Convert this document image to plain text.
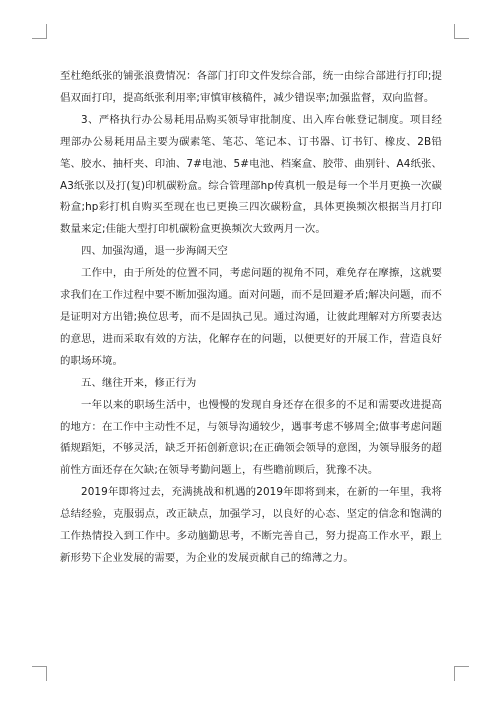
至杜绝纸张的铺张浪费情况：各部门打印文件发综合部，统一由综合部进行打印;提倡双面打印，提高纸张利用率;审慎审核稿件，减少错误率;加强监督，双向监督。

3、严格执行办公易耗用品购买领导审批制度、出入库台帐登记制度。项目经理部办公易耗用品主要为碳素笔、笔芯、笔记本、订书器、订书钉、橡皮、2B铅笔、胶水、抽杆夹、印油、7#电池、5#电池、档案盒、胶带、曲别针、A4纸张、A3纸张以及打(复)印机碳粉盒。综合管理部hp传真机一般是每一个半月更换一次碳粉盒;hp彩打机自购买至现在也已更换三四次碳粉盒，具体更换频次根据当月打印数量来定;佳能大型打印机碳粉盒更换频次大致两月一次。

四、加强沟通，退一步海阔天空

工作中，由于所处的位置不同，考虑问题的视角不同，难免存在摩擦，这就要求我们在工作过程中要不断加强沟通。面对问题，而不是回避矛盾;解决问题，而不是证明对方出错;换位思考，而不是固执己见。通过沟通，让彼此理解对方所要表达的意思，进而采取有效的方法，化解存在的问题，以便更好的开展工作，营造良好的职场环境。

五、继往开来，修正行为

一年以来的职场生活中，也慢慢的发现自身还存在很多的不足和需要改进提高的地方：在工作中主动性不足，与领导沟通较少，遇事考虑不够周全;做事考虑问题循规蹈矩，不够灵活，缺乏开拓创新意识;在正确领会领导的意图，为领导服务的超前性方面还存在欠缺;在领导考勤问题上，有些瞻前顾后，犹豫不决。

2019年即将过去，充满挑战和机遇的2019年即将到来，在新的一年里，我将总结经验，克服弱点，改正缺点，加强学习，以良好的心态、坚定的信念和饱满的工作热情投入到工作中。多动脑勤思考，不断完善自己，努力提高工作水平，跟上新形势下企业发展的需要，为企业的发展贡献自己的绵薄之力。
